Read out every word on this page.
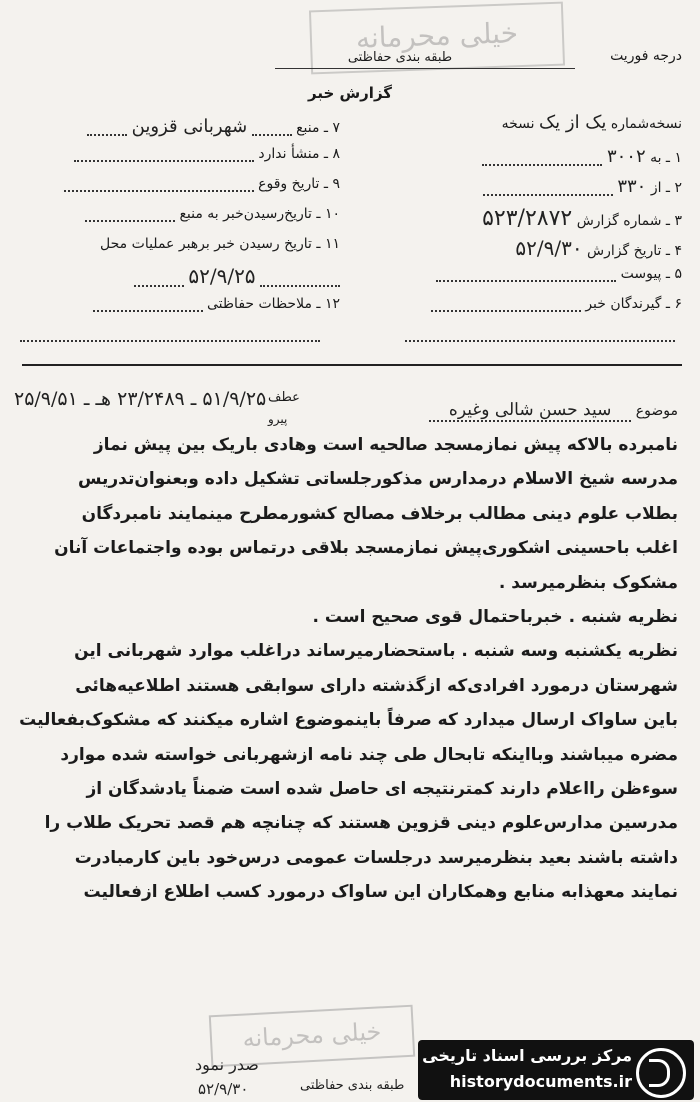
خیلی محرمانه
درجه فوریت
طبقه بندی حفاظتی
گزارش خبر
نسخه‌شماره یک از یک نسخه
۱ ـ به ۳۰۰۲
۲ ـ از ۳۳۰
۳ ـ شماره گزارش ۵۲۳/۲۸۷۲
۴ ـ تاریخ گزارش ۵۲/۹/۳۰
۵ ـ پیوست
۶ ـ گیرندگان خبر
۷ ـ منبع  شهربانی قزوین
۸ ـ منشأ ندارد
۹ ـ تاریخ وقوع
۱۰ ـ تاریخ‌رسیدن‌خبر به منبع
۱۱ ـ تاریخ رسیدن خبر برهبر عملیات محل
۵۲/۹/۲۵
۱۲ ـ ملاحظات حفاظتی
موضوع سید حسن شالی وغیره
عطف
پیرو
۵۱/۹/۲۵ ـ ۲۳/۲۴۸۹ هـ ـ ۲۵/۹/۵۱
نامبرده بالاکه پیش نمازمسجد صالحیه است وهادی باریک بین پیش نماز
مدرسه شیخ الاسلام درمدارس مذکورجلساتی تشکیل داده وبعنوان‌تدریس
بطلاب علوم دینی مطالب برخلاف مصالح کشورمطرح مینمایند نامبردگان
اغلب باحسینی اشکوری‌پیش نمازمسجد بلاقی درتماس بوده واجتماعات آنان
مشکوک بنظرمیرسد .
نظریه شنبه . خبرباحتمال قوی صحیح است .
نظریه یکشنبه وسه شنبه . باستحضارمیرساند دراغلب موارد شهربانی این
شهرستان درمورد افرادی‌که ازگذشته دارای سوابقی هستند اطلاعیه‌هائی
باین ساواک ارسال میدارد که صرفاً باینموضوع اشاره میکنند که مشکوک‌بفعالیت
مضره میباشند وبااینکه تابحال طی چند نامه ازشهربانی خواسته شده موارد
سوءظن رااعلام دارند کمترنتیجه ای حاصل شده است ضمناً یادشدگان از
مدرسین مدارس‌علوم دینی قزوین هستند که چنانچه هم قصد تحریک طلاب را
داشته باشند بعید بنظرمیرسد درجلسات عمومی درس‌خود باین کارمبادرت
نمایند معهذابه منابع وهمکاران این ساواک درمورد کسب اطلاع ازفعالیت
خیلی محرمانه
صدر نمود
۵۲/۹/۳۰	طبقه بندی حفاظتی
مرکز بررسی اسناد تاریخی
historydocuments.ir
